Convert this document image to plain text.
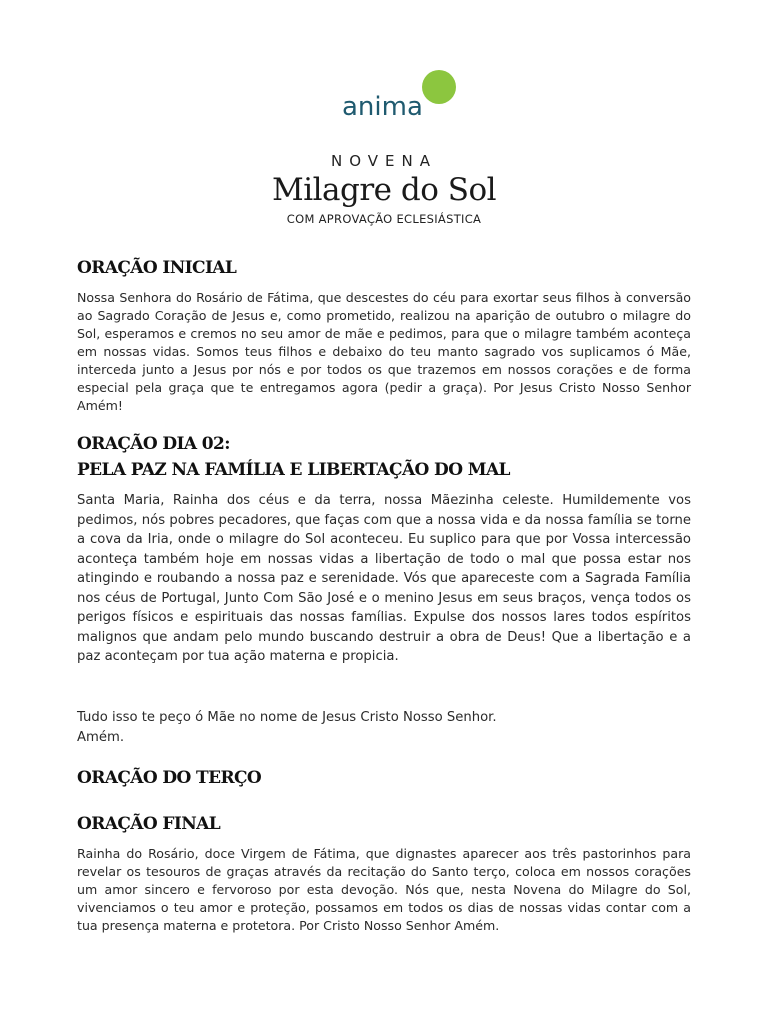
anima
NOVENA
Milagre do Sol
COM APROVAÇÃO ECLESIÁSTICA
ORAÇÃO INICIAL
Nossa Senhora do Rosário de Fátima, que descestes do céu para exortar seus filhos à conversão ao Sagrado Coração de Jesus e, como prometido, realizou na aparição de outubro o milagre do Sol, esperamos e cremos no seu amor de mãe e pedimos, para que o milagre também aconteça em nossas vidas. Somos teus filhos e debaixo do teu manto sagrado vos suplicamos ó Mãe, interceda junto a Jesus por nós e por todos os que trazemos em nossos corações e de forma especial pela graça que te entregamos agora (pedir a graça). Por Jesus Cristo Nosso Senhor Amém!
ORAÇÃO DIA 02:
PELA PAZ NA FAMÍLIA E LIBERTAÇÃO DO MAL
Santa Maria, Rainha dos céus e da terra, nossa Mãezinha celeste. Humildemente vos pedimos, nós pobres pecadores, que faças com que a nossa vida e da nossa família se torne a cova da Iria, onde o milagre do Sol aconteceu. Eu suplico para que por Vossa intercessão aconteça também hoje em nossas vidas a libertação de todo o mal que possa estar nos atingindo e roubando a nossa paz e serenidade. Vós que apareceste com a Sagrada Família nos céus de Portugal, Junto Com São José e o menino Jesus em seus braços, vença todos os perigos físicos e espirituais das nossas famílias. Expulse dos nossos lares todos espíritos malignos que andam pelo mundo buscando destruir a obra de Deus! Que a libertação e a paz aconteçam por tua ação materna e propicia.
Tudo isso te peço ó Mãe no nome de Jesus Cristo Nosso Senhor.
Amém.
ORAÇÃO DO TERÇO
ORAÇÃO FINAL
Rainha do Rosário, doce Virgem de Fátima, que dignastes aparecer aos três pastorinhos para revelar os tesouros de graças através da recitação do Santo terço, coloca em nossos corações um amor sincero e fervoroso por esta devoção. Nós que, nesta Novena do Milagre do Sol, vivenciamos o teu amor e proteção, possamos em todos os dias de nossas vidas contar com a tua presença materna e protetora. Por Cristo Nosso Senhor Amém.
